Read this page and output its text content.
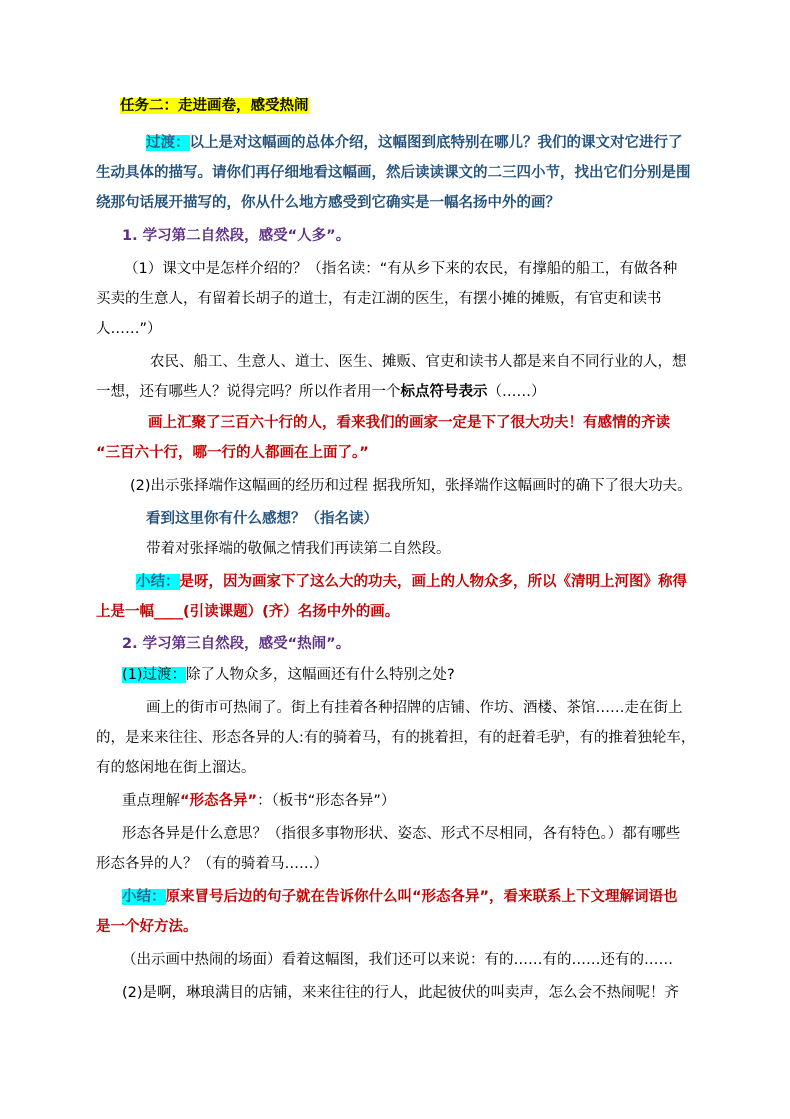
任务二：走进画卷，感受热闹
过渡：以上是对这幅画的总体介绍，这幅图到底特别在哪儿？我们的课文对它进行了
生动具体的描写。请你们再仔细地看这幅画，然后读读课文的二三四小节，找出它们分别是围
绕那句话展开描写的，你从什么地方感受到它确实是一幅名扬中外的画？
1. 学习第二自然段，感受“人多”。
（1）课文中是怎样介绍的？（指名读：“有从乡下来的农民，有撑船的船工，有做各种
买卖的生意人，有留着长胡子的道士，有走江湖的医生，有摆小摊的摊贩，有官吏和读书
人……”）
农民、船工、生意人、道士、医生、摊贩、官吏和读书人都是来自不同行业的人，想
一想，还有哪些人？说得完吗？所以作者用一个标点符号表示（……）
画上汇聚了三百六十行的人，看来我们的画家一定是下了很大功夫！有感情的齐读
“三百六十行，哪一行的人都画在上面了。”
(2)出示张择端作这幅画的经历和过程 据我所知，张择端作这幅画时的确下了很大功夫。
看到这里你有什么感想？（指名读）
带着对张择端的敬佩之情我们再读第二自然段。
小结：是呀，因为画家下了这么大的功夫，画上的人物众多，所以《清明上河图》称得
上是一幅____(引读课题）(齐）名扬中外的画。
2. 学习第三自然段，感受“热闹”。
(1)过渡：除了人物众多，这幅画还有什么特别之处?
画上的街市可热闹了。街上有挂着各种招牌的店铺、作坊、酒楼、茶馆……走在街上
的，是来来往往、形态各异的人:有的骑着马，有的挑着担，有的赶着毛驴，有的推着独轮车，
有的悠闲地在街上溜达。
重点理解“形态各异”：（板书“形态各异”）
形态各异是什么意思？（指很多事物形状、姿态、形式不尽相同，各有特色。）都有哪些
形态各异的人？（有的骑着马……）
小结：原来冒号后边的句子就在告诉你什么叫“形态各异”，看来联系上下文理解词语也
是一个好方法。
（出示画中热闹的场面）看着这幅图，我们还可以来说：有的……有的……还有的……
(2)是啊，琳琅满目的店铺，来来往往的行人，此起彼伏的叫卖声，怎么会不热闹呢！齐
